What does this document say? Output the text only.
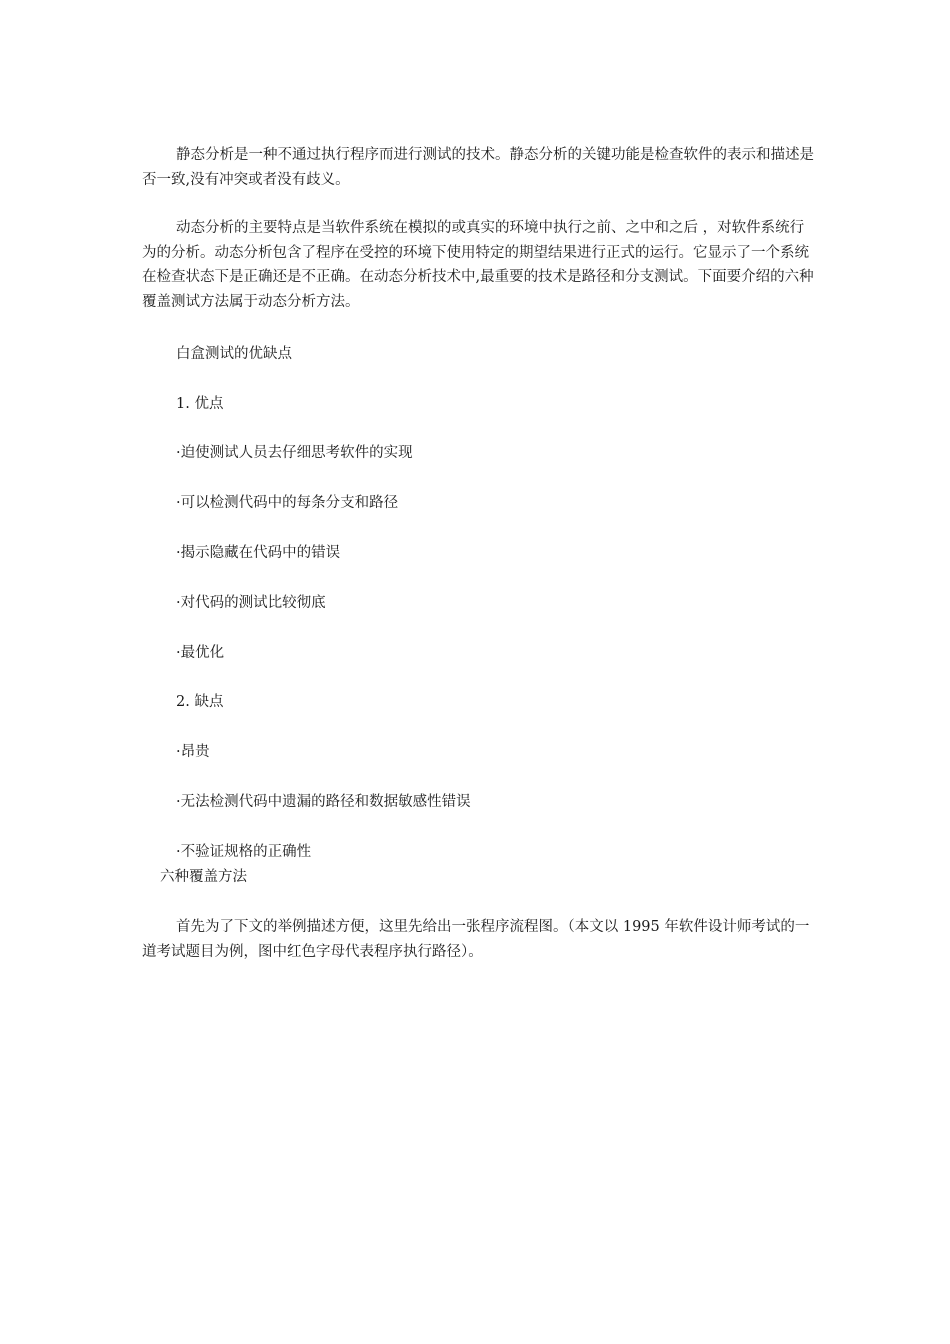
静态分析是一种不通过执行程序而进行测试的技术。静态分析的关键功能是检查软件的表示和描述是否一致,没有冲突或者没有歧义。

动态分析的主要特点是当软件系统在模拟的或真实的环境中执行之前、之中和之后 ，对软件系统行为的分析。动态分析包含了程序在受控的环境下使用特定的期望结果进行正式的运行。它显示了一个系统在检查状态下是正确还是不正确。在动态分析技术中,最重要的技术是路径和分支测试。下面要介绍的六种覆盖测试方法属于动态分析方法。

白盒测试的优缺点
1. 优点
·迫使测试人员去仔细思考软件的实现
·可以检测代码中的每条分支和路径
·揭示隐藏在代码中的错误
·对代码的测试比较彻底
·最优化
2. 缺点
·昂贵
·无法检测代码中遗漏的路径和数据敏感性错误
·不验证规格的正确性
六种覆盖方法

首先为了下文的举例描述方便，这里先给出一张程序流程图。（本文以 1995 年软件设计师考试的一道考试题目为例，图中红色字母代表程序执行路径）。
